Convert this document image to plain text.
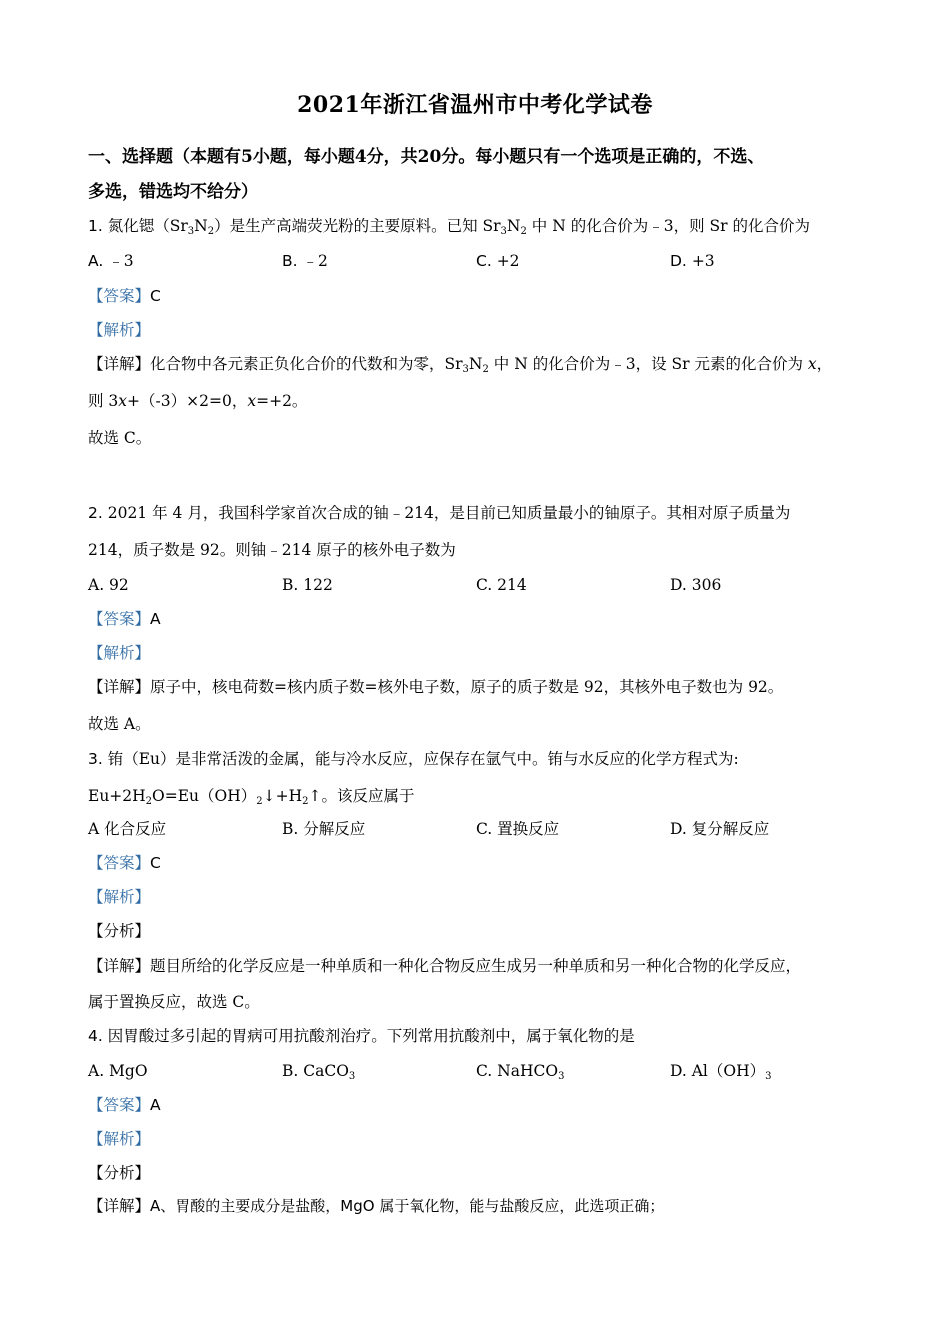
2021年浙江省温州市中考化学试卷
一、选择题（本题有5小题，每小题4分，共20分。每小题只有一个选项是正确的，不选、
多选，错选均不给分）
1. 氮化锶$(Sr_3N_2)$是生产高端荧光粉的主要原料。已知 $Sr_3N_2$ 中 N 的化合价为﹣3，则 Sr 的化合价为
A. ﹣3	B. ﹣2	C. +2	D. +3
【答案】C
【解析】
【详解】化合物中各元素正负化合价的代数和为零，$Sr_3N_2$ 中 N 的化合价为﹣3，设 Sr 元素的化合价为 x，
则 3x+（-3）×2=0，x=+2。
故选 C。
2. 2021 年 4 月，我国科学家首次合成的铀﹣214，是目前已知质量最小的铀原子。其相对原子质量为
214，质子数是 92。则铀﹣214 原子的核外电子数为
A. 92	B. 122	C. 214	D. 306
【答案】A
【解析】
【详解】原子中，核电荷数=核内质子数=核外电子数，原子的质子数是 92，其核外电子数也为 92。
故选 A。
3. 铕（Eu）是非常活泼的金属，能与冷水反应，应保存在氩气中。铕与水反应的化学方程式为:
$Eu+2H_2O=Eu(OH)_2↓+H_2↑$。该反应属于
A 化合反应	B. 分解反应	C. 置换反应	D. 复分解反应
【答案】C
【解析】
【分析】
【详解】题目所给的化学反应是一种单质和一种化合物反应生成另一种单质和另一种化合物的化学反应，
属于置换反应，故选 C。
4. 因胃酸过多引起的胃病可用抗酸剂治疗。下列常用抗酸剂中，属于氧化物的是
A. MgO	B. CaCO$_3$	C. NaHCO$_3$	D. $Al(OH)_3$
【答案】A
【解析】
【分析】
【详解】A、胃酸的主要成分是盐酸，MgO 属于氧化物，能与盐酸反应，此选项正确；
